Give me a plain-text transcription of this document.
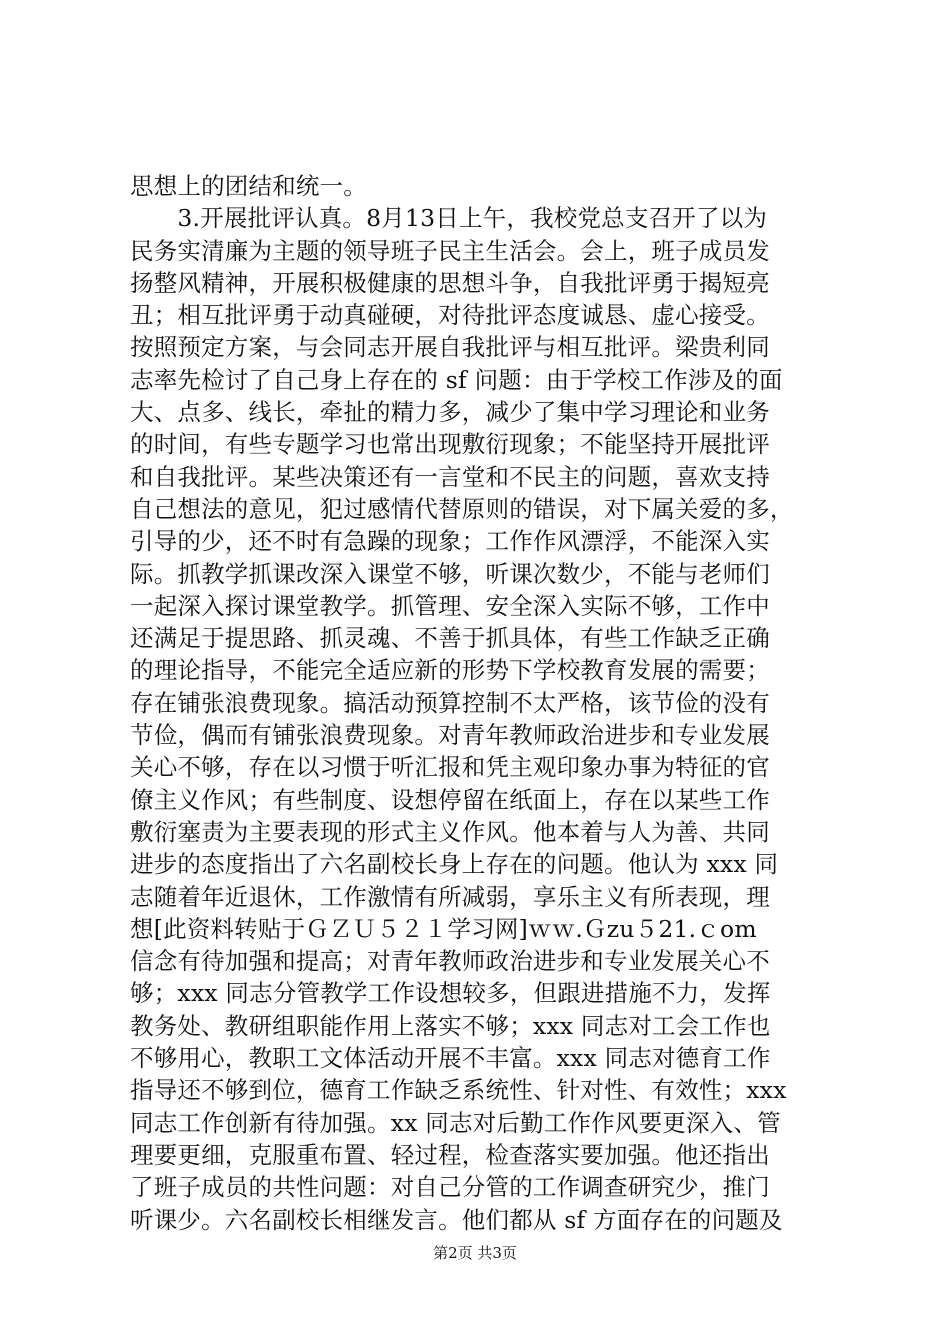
思想上的团结和统一。
　　3.开展批评认真。8月13日上午，我校党总支召开了以为
民务实清廉为主题的领导班子民主生活会。会上，班子成员发
扬整风精神，开展积极健康的思想斗争，自我批评勇于揭短亮
丑；相互批评勇于动真碰硬，对待批评态度诚恳、虚心接受。
按照预定方案，与会同志开展自我批评与相互批评。梁贵利同
志率先检讨了自己身上存在的 sf 问题：由于学校工作涉及的面
大、点多、线长，牵扯的精力多，减少了集中学习理论和业务
的时间，有些专题学习也常出现敷衍现象；不能坚持开展批评
和自我批评。某些决策还有一言堂和不民主的问题，喜欢支持
自己想法的意见，犯过感情代替原则的错误，对下属关爱的多，
引导的少，还不时有急躁的现象；工作作风漂浮，不能深入实
际。抓教学抓课改深入课堂不够，听课次数少，不能与老师们
一起深入探讨课堂教学。抓管理、安全深入实际不够，工作中
还满足于提思路、抓灵魂、不善于抓具体，有些工作缺乏正确
的理论指导，不能完全适应新的形势下学校教育发展的需要；
存在铺张浪费现象。搞活动预算控制不太严格，该节俭的没有
节俭，偶而有铺张浪费现象。对青年教师政治进步和专业发展
关心不够，存在以习惯于听汇报和凭主观印象办事为特征的官
僚主义作风；有些制度、设想停留在纸面上，存在以某些工作
敷衍塞责为主要表现的形式主义作风。他本着与人为善、共同
进步的态度指出了六名副校长身上存在的问题。他认为 xxx 同
志随着年近退休，工作激情有所减弱，享乐主义有所表现，理
想[此资料转贴于ＧＺＵ５２１学习网]ｗｗ.Ｇzu５21.ｃom
信念有待加强和提高；对青年教师政治进步和专业发展关心不
够；xxx 同志分管教学工作设想较多，但跟进措施不力，发挥
教务处、教研组职能作用上落实不够；xxx 同志对工会工作也
不够用心，教职工文体活动开展不丰富。xxx 同志对德育工作
指导还不够到位，德育工作缺乏系统性、针对性、有效性；xxx
同志工作创新有待加强。xx 同志对后勤工作作风要更深入、管
理要更细，克服重布置、轻过程，检查落实要加强。他还指出
了班子成员的共性问题：对自己分管的工作调查研究少，推门
听课少。六名副校长相继发言。他们都从 sf 方面存在的问题及
第2页 共3页
